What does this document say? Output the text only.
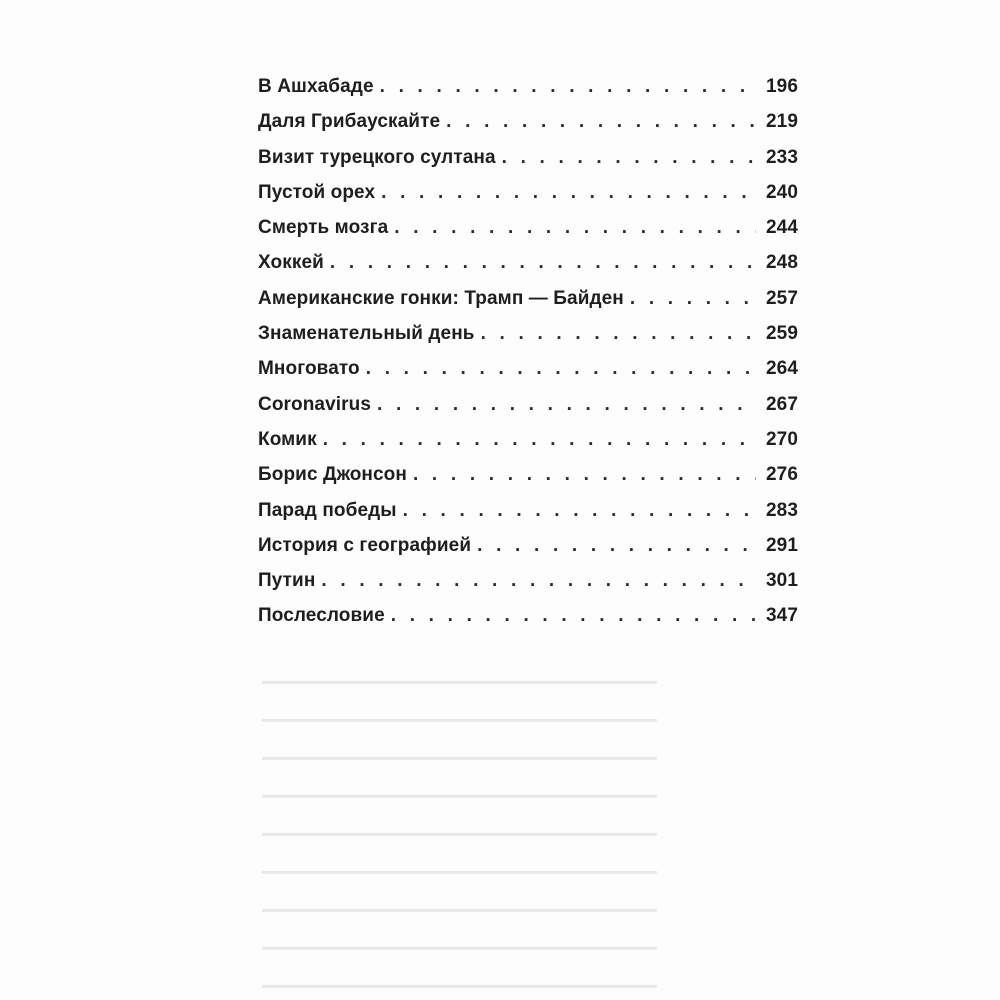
▁▁▁▁▁▁▁▁▁▁▁▁▁▁▁▁▁▁▁▁▁▁▁▁▁▁▁
▁▁▁▁▁▁▁▁▁▁▁▁▁▁▁▁▁▁▁▁▁▁▁▁▁▁▁
▁▁▁▁▁▁▁▁▁▁▁▁▁▁▁▁▁▁▁▁▁▁▁▁▁▁▁
▁▁▁▁▁▁▁▁▁▁▁▁▁▁▁▁▁▁▁▁▁▁▁▁▁▁▁
▁▁▁▁▁▁▁▁▁▁▁▁▁▁▁▁▁▁▁▁▁▁▁▁▁▁▁
▁▁▁▁▁▁▁▁▁▁▁▁▁▁▁▁▁▁▁▁▁▁▁▁▁▁▁
▁▁▁▁▁▁▁▁▁▁▁▁▁▁▁▁▁▁▁▁▁▁▁▁▁▁▁
▁▁▁▁▁▁▁▁▁▁▁▁▁▁▁▁▁▁▁▁▁▁▁▁▁▁▁
▁▁▁▁▁▁▁▁▁▁▁▁▁▁▁▁▁▁▁▁▁▁▁▁▁▁▁
В Ашхабаде . . .	196
Даля Грибаускайте . . .	219
Визит турецкого султана . . .	233
Пустой орех . . .	240
Смерть мозга . . .	244
Хоккей . . .	248
Американские гонки: Трамп — Байден . . .	257
Знаменательный день . . .	259
Многовато . . .	264
Coronavirus . . .	267
Комик . . .	270
Борис Джонсон . . .	276
Парад победы . . .	283
История с географией . . .	291
Путин . . .	301
Послесловие . . .	347
